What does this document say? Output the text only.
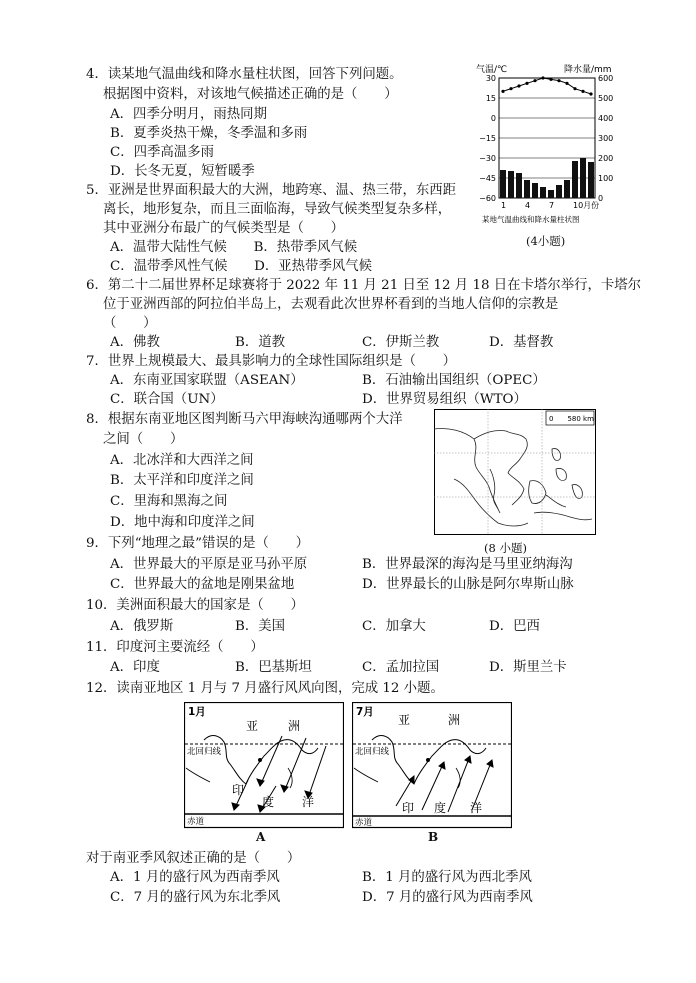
4．读某地气温曲线和降水量柱状图，回答下列问题。
根据图中资料，对该地气候描述正确的是（　　）
A．四季分明月，雨热同期
B．夏季炎热干燥，冬季温和多雨
C．四季高温多雨
D．长冬无夏，短暂暖季
气温/℃	降水量/mm
30
15
0
−15
−30
−45
−60
600
500
400
300
200
100
0
1 4 7 10月份
某地气温曲线和降水量柱状图
(4小题)
5．亚洲是世界面积最大的大洲，地跨寒、温、热三带，东西距
离长，地形复杂，而且三面临海，导致气候类型复杂多样，
其中亚洲分布最广的气候类型是（　　）
A．温带大陆性气候　　B．热带季风气候
C．温带季风性气候　　D．亚热带季风气候
6．第二十二届世界杯足球赛将于 2022 年 11 月 21 日至 12 月 18 日在卡塔尔举行，卡塔尔
位于亚洲西部的阿拉伯半岛上，去观看此次世界杯看到的当地人信仰的宗教是
（　　）
A．佛教	B．道教	C．伊斯兰教	D．基督教
7．世界上规模最大、最具影响力的全球性国际组织是（　　）
A．东南亚国家联盟（ASEAN）	B．石油输出国组织（OPEC）
C．联合国（UN）	D．世界贸易组织（WTO）
8．根据东南亚地区图判断马六甲海峡沟通哪两个大洋
之间（　　）
A．北冰洋和大西洋之间
B．太平洋和印度洋之间
C．里海和黑海之间
D．地中海和印度洋之间
0　　580 km
(8 小题)
9．下列“地理之最”错误的是（　　）
A．世界最大的平原是亚马孙平原	B．世界最深的海沟是马里亚纳海沟
C．世界最大的盆地是刚果盆地	D．世界最长的山脉是阿尔卑斯山脉
10．美洲面积最大的国家是（　　）
A．俄罗斯	B．美国	C．加拿大	D．巴西
11．印度河主要流经（　　）
A．印度	B．巴基斯坦	C．孟加拉国	D．斯里兰卡
12．读南亚地区 1 月与 7 月盛行风风向图，完成 12 小题。
1月
亚 洲
北回归线
印
度 洋
赤道
A
7月
亚	洲
北回归线
印 度 洋
赤道
B
对于南亚季风叙述正确的是（　　）
A．1 月的盛行风为西南季风	B．1 月的盛行风为西北季风
C．7 月的盛行风为东北季风	D．7 月的盛行风为西南季风
